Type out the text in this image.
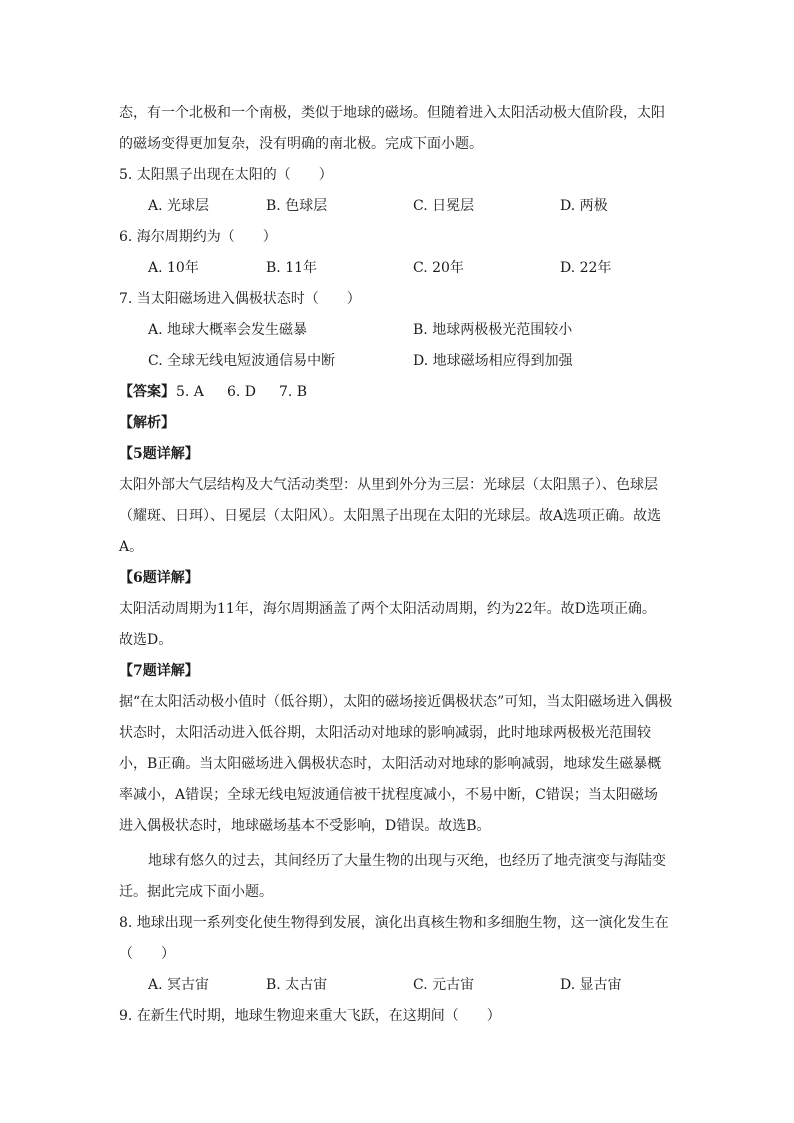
态，有一个北极和一个南极，类似于地球的磁场。但随着进入太阳活动极大值阶段，太阳
的磁场变得更加复杂，没有明确的南北极。完成下面小题。
5. 太阳黑子出现在太阳的（　　）
A. 光球层	B. 色球层	C. 日冕层	D. 两极
6. 海尔周期约为（　　）
A. 10年	B. 11年	C. 20年	D. 22年
7. 当太阳磁场进入偶极状态时（　　）
A. 地球大概率会发生磁暴	B. 地球两极极光范围较小
C. 全球无线电短波通信易中断	D. 地球磁场相应得到加强
【答案】 5. A 6. D 7. B
【解析】
【5题详解】
太阳外部大气层结构及大气活动类型：从里到外分为三层：光球层（太阳黑子）、色球层
（耀斑、日珥）、日冕层（太阳风）。太阳黑子出现在太阳的光球层。故A选项正确。故选
A。
【6题详解】
太阳活动周期为11年，海尔周期涵盖了两个太阳活动周期，约为22年。故D选项正确。
故选D。
【7题详解】
据“在太阳活动极小值时（低谷期），太阳的磁场接近偶极状态”可知，当太阳磁场进入偶极
状态时，太阳活动进入低谷期，太阳活动对地球的影响减弱，此时地球两极极光范围较
小，B正确。当太阳磁场进入偶极状态时，太阳活动对地球的影响减弱，地球发生磁暴概
率减小，A错误；全球无线电短波通信被干扰程度减小，不易中断，C错误；当太阳磁场
进入偶极状态时，地球磁场基本不受影响，D错误。故选B。
地球有悠久的过去，其间经历了大量生物的出现与灭绝，也经历了地壳演变与海陆变
迁。据此完成下面小题。
8. 地球出现一系列变化使生物得到发展，演化出真核生物和多细胞生物，这一演化发生在
（　　）
A. 冥古宙	B. 太古宙	C. 元古宙	D. 显古宙
9. 在新生代时期，地球生物迎来重大飞跃，在这期间（　　）
